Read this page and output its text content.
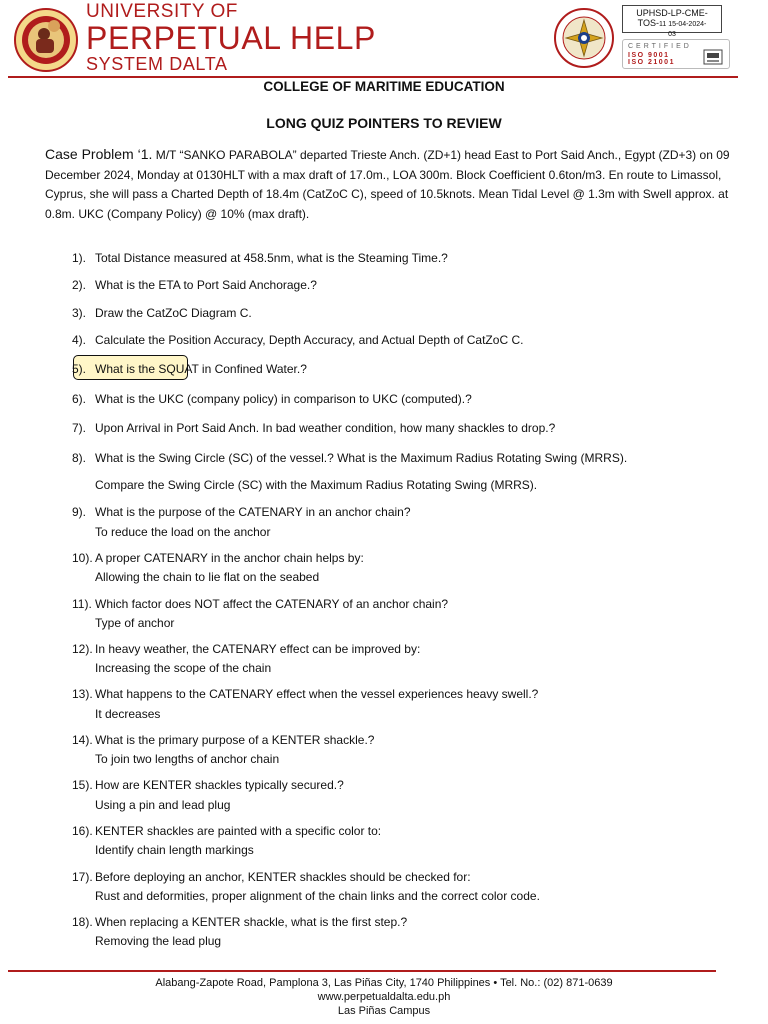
UNIVERSITY OF
PERPETUAL HELP
SYSTEM DALTA
UPHSD-LP-CME-
TOS-11 15-04-2024-
03
CERTIFIED
ISO 9001
ISO 21001
COLLEGE OF MARITIME EDUCATION
LONG QUIZ POINTERS TO REVIEW
Case Problem ‘1. M/T “SANKO PARABOLA” departed Trieste Anch. (ZD+1) head East to Port Said Anch., Egypt (ZD+3) on 09 December 2024, Monday at 0130HLT with a max draft of 17.0m., LOA 300m. Block Coefficient 0.6ton/m3. En route to Limassol, Cyprus, she will pass a Charted Depth of 18.4m (CatZoC C), speed of 10.5knots. Mean Tidal Level @ 1.3m with Swell approx. at 0.8m. UKC (Company Policy) @ 10% (max draft).
1). Total Distance measured at 458.5nm, what is the Steaming Time.?
2). What is the ETA to Port Said Anchorage.?
3). Draw the CatZoC Diagram C.
4). Calculate the Position Accuracy, Depth Accuracy, and Actual Depth of CatZoC C.
5). What is the SQUAT in Confined Water.?
6). What is the UKC (company policy) in comparison to UKC (computed).?
7). Upon Arrival in Port Said Anch. In bad weather condition, how many shackles to drop.?
8). What is the Swing Circle (SC) of the vessel.? What is the Maximum Radius Rotating Swing (MRRS).
Compare the Swing Circle (SC) with the Maximum Radius Rotating Swing (MRRS).
9). What is the purpose of the CATENARY in an anchor chain?
To reduce the load on the anchor
10). A proper CATENARY in the anchor chain helps by:
Allowing the chain to lie flat on the seabed
11). Which factor does NOT affect the CATENARY of an anchor chain?
Type of anchor
12). In heavy weather, the CATENARY effect can be improved by:
Increasing the scope of the chain
13). What happens to the CATENARY effect when the vessel experiences heavy swell.?
It decreases
14). What is the primary purpose of a KENTER shackle.?
To join two lengths of anchor chain
15). How are KENTER shackles typically secured.?
Using a pin and lead plug
16). KENTER shackles are painted with a specific color to:
Identify chain length markings
17). Before deploying an anchor, KENTER shackles should be checked for:
Rust and deformities, proper alignment of the chain links and the correct color code.
18). When replacing a KENTER shackle, what is the first step.?
Removing the lead plug
Alabang-Zapote Road, Pamplona 3, Las Piñas City, 1740 Philippines • Tel. No.: (02) 871-0639
www.perpetualdalta.edu.ph
Las Piñas Campus
